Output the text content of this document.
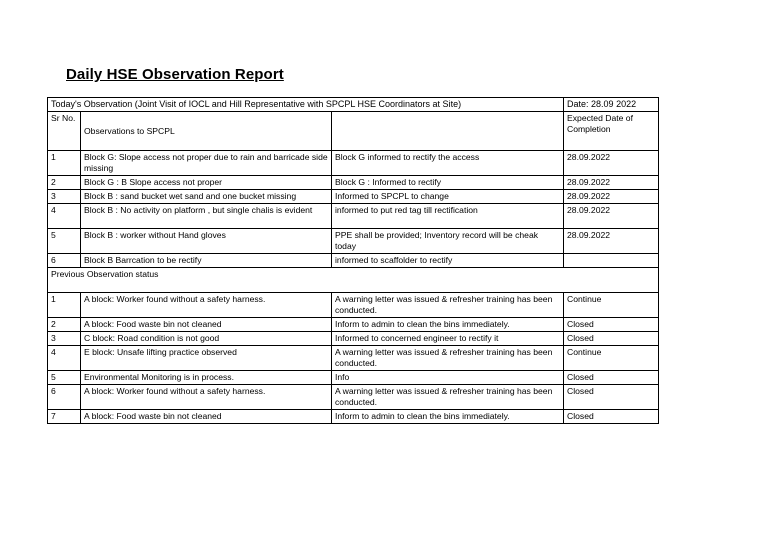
Daily HSE Observation Report
Today's Observation (Joint Visit of IOCL and Hill Representative with SPCPL HSE Coordinators at Site)			Date: 28.09 2022
Sr No.	Observations to SPCPL		Expected Date of Completion
1	Block G: Slope access not proper due to rain and barricade side missing	Block G informed to rectify the access	28.09.2022
2	Block G : B Slope access not proper	Block G : Informed to rectify	28.09.2022
3	Block B : sand bucket wet sand and one bucket missing	Informed to SPCPL to change	28.09.2022
4	Block B : No activity on platform , but single chalis is evident	informed to put red tag till rectification	28.09.2022
5	Block B : worker without Hand gloves	PPE shall be provided; Inventory record will be cheak today	28.09.2022
6	Block B Barrcation to be rectify	informed to scaffolder to rectify	
Previous Observation status			
1	A block: Worker found without a safety harness.	A warning letter was issued & refresher training has been conducted.	Continue
2	A block: Food waste bin not cleaned	Inform to admin to clean the bins immediately.	Closed
3	C block: Road condition is not good	Informed to concerned engineer to rectify it	Closed
4	E block: Unsafe lifting practice observed	A warning letter was issued & refresher training has been conducted.	Continue
5	Environmental Monitoring is in process.	Info	Closed
6	A block: Worker found without a safety harness.	A warning letter was issued & refresher training has been conducted.	Closed
7	A block: Food waste bin not cleaned	Inform to admin to clean the bins immediately.	Closed
